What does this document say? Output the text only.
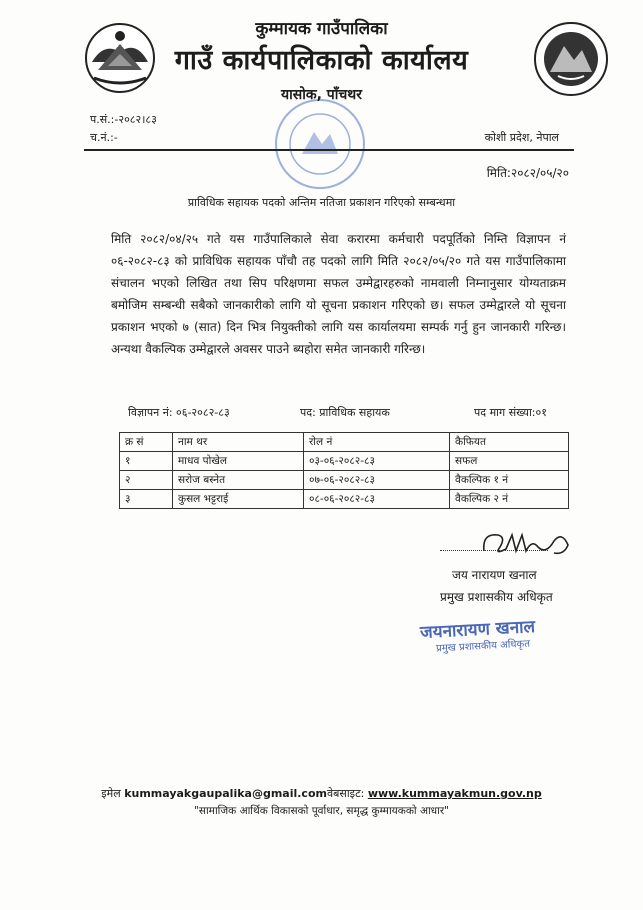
कुम्मायक गाउँपालिका
गाउँ कार्यपालिकाको कार्यालय
यासोक, पाँचथर
प.सं.:-२०८२।८३
च.नं.:-	कोशी प्रदेश, नेपाल
मिति:२०८२/०५/२०
प्राविधिक सहायक पदको अन्तिम नतिजा प्रकाशन गरिएको सम्बन्धमा
मिति २०८२/०४/२५ गते यस गाउँपालिकाले सेवा करारमा कर्मचारी पदपूर्तिको निम्ति विज्ञापन नं ०६-२०८२-८३ को प्राविधिक सहायक पाँचौ तह पदको लागि मिति २०८२/०५/२० गते यस गाउँपालिकामा संचालन भएको लिखित तथा सिप परिक्षणमा सफल उम्मेद्वारहरुको नामवाली निम्नानुसार योग्यताक्रम बमोजिम सम्बन्धी सबैको जानकारीको लागि यो सूचना प्रकाशन गरिएको छ। सफल उम्मेद्वारले यो सूचना प्रकाशन भएको ७ (सात) दिन भित्र नियुक्तीको लागि यस कार्यालयमा सम्पर्क गर्नु हुन जानकारी गरिन्छ। अन्यथा वैकल्पिक उम्मेद्वारले अवसर पाउने ब्यहोरा समेत जानकारी गरिन्छ।
विज्ञापन नं: ०६-२०८२-८३	पद: प्राविधिक सहायक	पद माग संख्या:०१
क्र सं	नाम थर	रोल नं	कैफियत
१	माधव पोखेल	०३-०६-२०८२-८३	सफल
२	सरोज बस्नेत	०७-०६-२०८२-८३	वैकल्पिक १ नं
३	कुसल भट्टराई	०८-०६-२०८२-८३	वैकल्पिक २ नं
जय नारायण खनाल
प्रमुख प्रशासकीय अधिकृत
जयनारायण खनाल
प्रमुख प्रशासकीय अधिकृत
इमेल kummayakgaupalika@gmail.comवेबसाइट: www.kummayakmun.gov.np
"सामाजिक आर्थिक विकासको पूर्वाधार, समृद्ध कुम्मायकको आधार"
